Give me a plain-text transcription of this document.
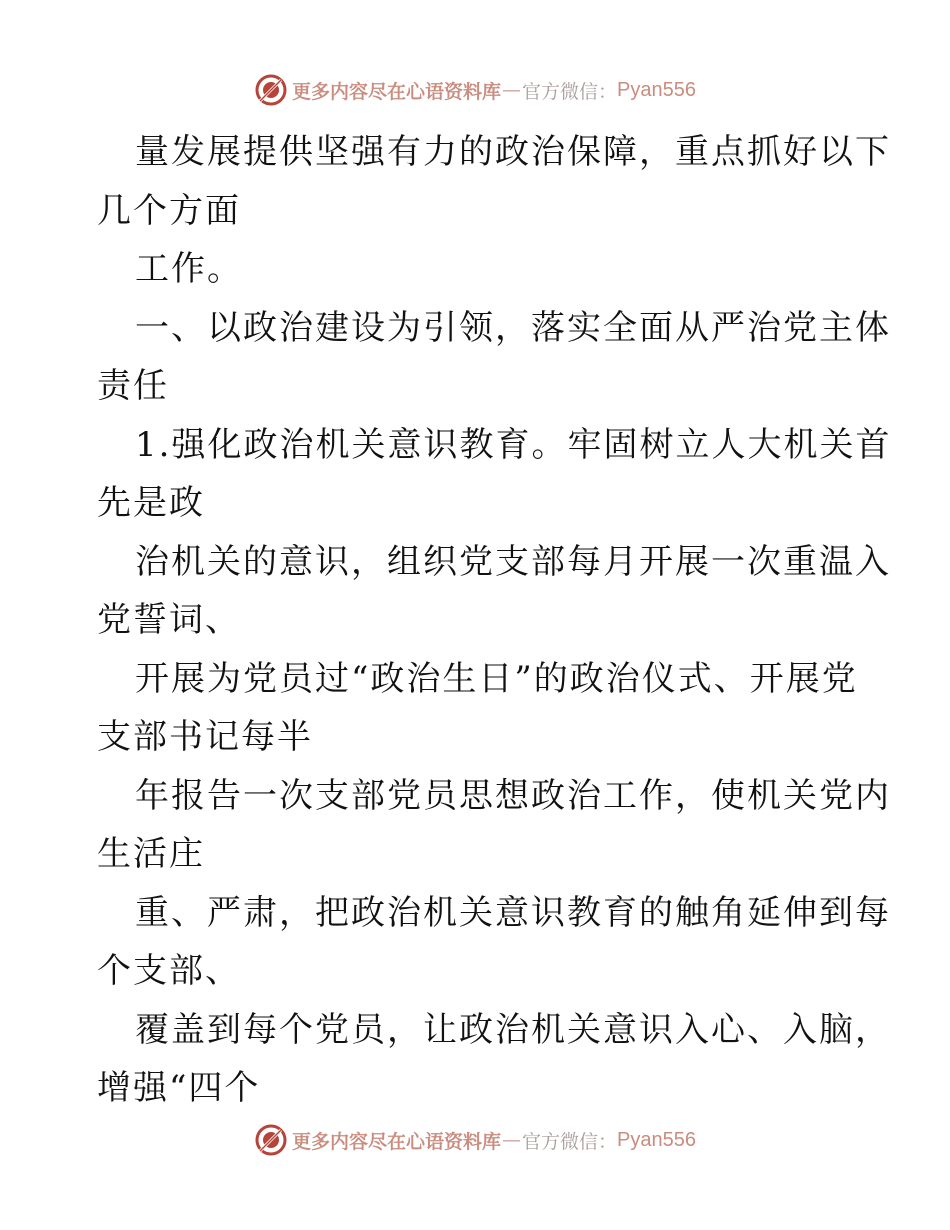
更多内容尽在心语资料库 — 官方微信： Pyan556
量发展提供坚强有力的政治保障，重点抓好以下
几个方面
工作。
一、以政治建设为引领，落实全面从严治党主体
责任
1.强化政治机关意识教育。牢固树立人大机关首
先是政
治机关的意识，组织党支部每月开展一次重温入
党誓词、
开展为党员过“政治生日”的政治仪式、开展党
支部书记每半
年报告一次支部党员思想政治工作，使机关党内
生活庄
重、严肃，把政治机关意识教育的触角延伸到每
个支部、
覆盖到每个党员，让政治机关意识入心、入脑，
增强“四个
更多内容尽在心语资料库 — 官方微信： Pyan556
